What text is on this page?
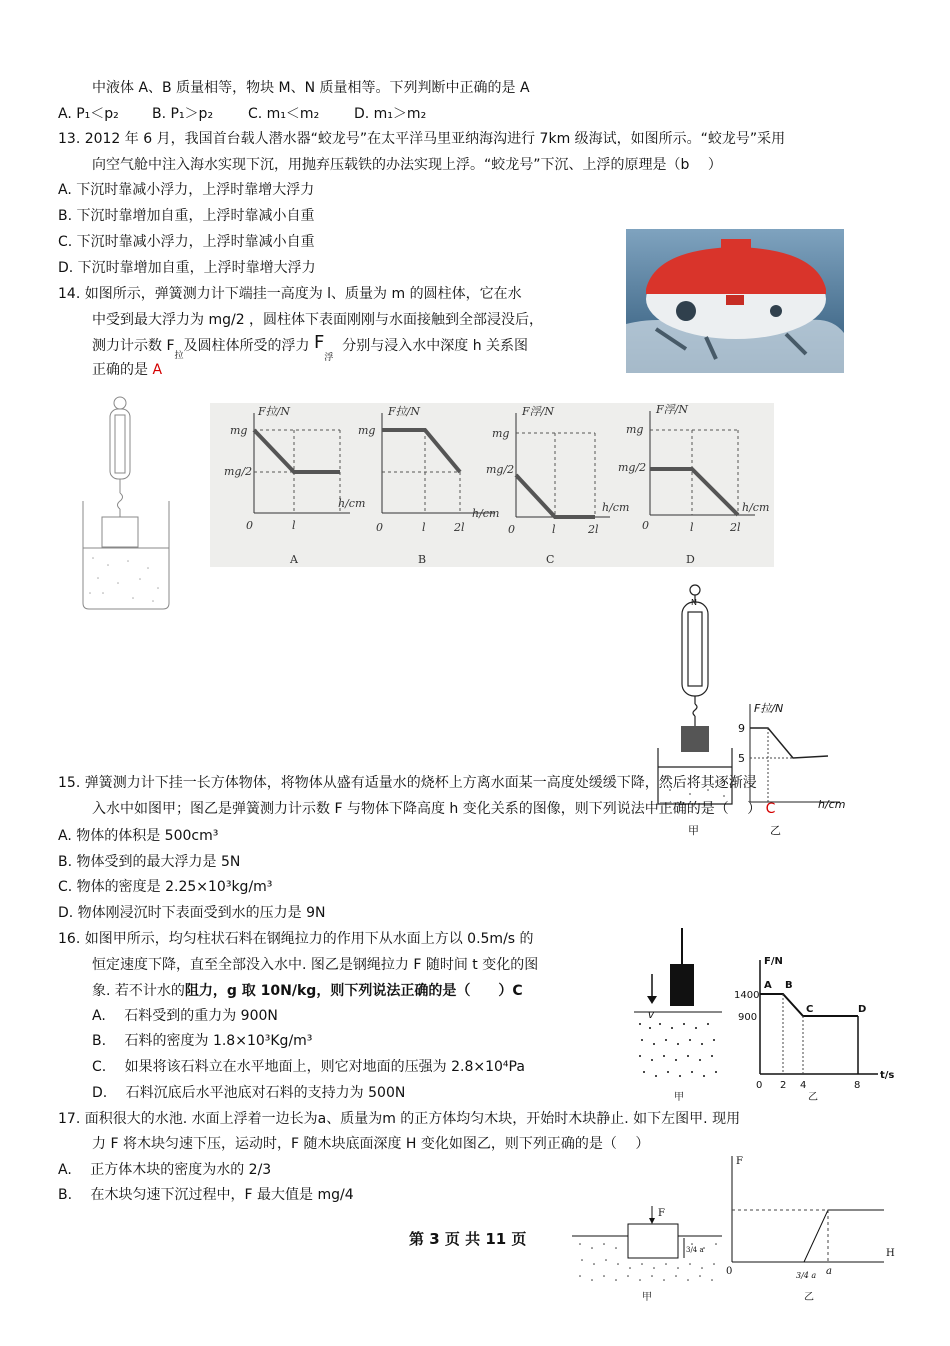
中液体 A、B 质量相等，物块 M、N 质量相等。下列判断中正确的是 A
A. P₁＜p₂ B. P₁＞p₂ C. m₁＜m₂ D. m₁＞m₂
13. 2012 年 6 月，我国首台载人潜水器“蛟龙号”在太平洋马里亚纳海沟进行 7km 级海试，如图所示。“蛟龙号”采用
向空气舱中注入海水实现下沉，用抛弃压载铁的办法实现上浮。“蛟龙号”下沉、上浮的原理是（b　 ）
A. 下沉时靠减小浮力，上浮时靠增大浮力
B. 下沉时靠增加自重，上浮时靠减小自重
C. 下沉时靠减小浮力，上浮时靠减小自重
D. 下沉时靠增加自重，上浮时靠增大浮力
14. 如图所示，弹簧测力计下端挂一高度为 l、质量为 m 的圆柱体，它在水
中受到最大浮力为 mg/2 ，圆柱体下表面刚刚与水面接触到全部浸没后，
测力计示数 $F_拉$及圆柱体所受的浮力 $F_浮$  分别与浸入水中深度 h 关系图
正确的是 A
F拉/N
mg
mg/2
h/cm
0	l
A
F拉/N
mg
h/cm
0	l	2l
B
F浮/N
mg
mg/2
h/cm
0	l	2l
C
F浮/N
mg
mg/2
h/cm
0	l	2l
D
N
F拉/N
9
5
h/cm
甲	乙
15. 弹簧测力计下挂一长方体物体，将物体从盛有适量水的烧杯上方离水面某一高度处缓缓下降，然后将其逐渐浸
入水中如图甲；图乙是弹簧测力计示数 F 与物体下降高度 h 变化关系的图像，则下列说法中正确的是（　 ） C
A. 物体的体积是 500cm³
B. 物体受到的最大浮力是 5N
C. 物体的密度是 2.25×10³kg/m³
D. 物体刚浸沉时下表面受到水的压力是 9N
16. 如图甲所示，均匀柱状石料在钢绳拉力的作用下从水面上方以 0.5m/s 的
恒定速度下降，直至全部没入水中. 图乙是钢绳拉力 F 随时间 t 变化的图
象. 若不计水的阻力，g 取 10N/kg，则下列说法正确的是（　　）C
A.　 石料受到的重力为 900N
B.　 石料的密度为 1.8×10³Kg/m³
C.　 如果将该石料立在水平地面上，则它对地面的压强为 2.8×10⁴Pa
D.　 石料沉底后水平池底对石料的支持力为 500N
v
甲
F/N
1400
900
A B
C	D
0 2 4	8
t/s
乙
17. 面积很大的水池. 水面上浮着一边长为a、质量为m 的正方体均匀木块，开始时木块静止. 如下左图甲. 现用
力 F 将木块匀速下压，运动时，F 随木块底面深度 H 变化如图乙，则下列正确的是（　 ）
A.　 正方体木块的密度为水的 2/3
B.　 在木块匀速下沉过程中，F 最大值是 mg/4
F
3/4 a
甲
F
H
0	3/4 a a
乙
第 3 页 共 11 页
